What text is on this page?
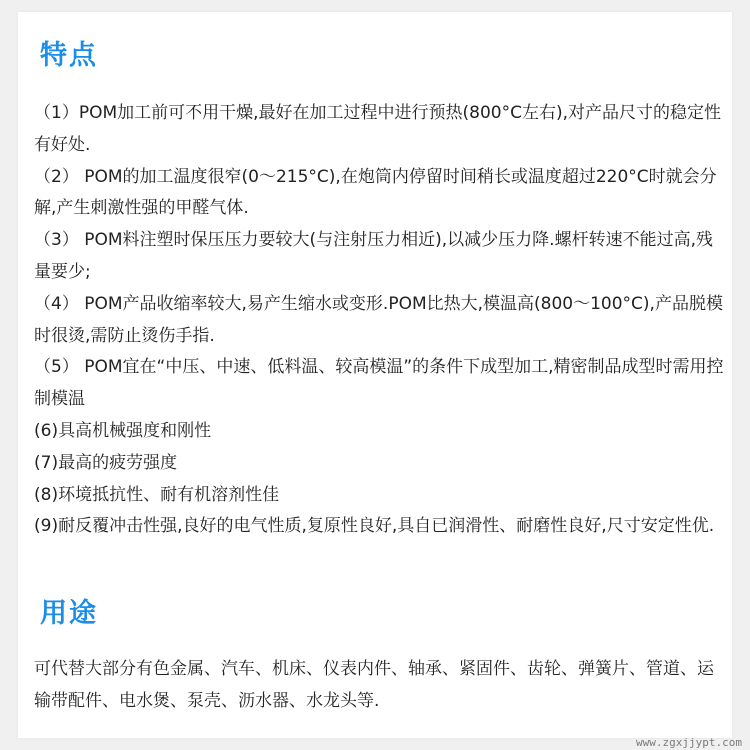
特点

（1）POM加工前可不用干燥,最好在加工过程中进行预热(800°C左右),对产品尺寸的稳定性有好处.

（2） POM的加工温度很窄(0～215°C),在炮筒内停留时间稍长或温度超过220°C时就会分解,产生刺激性强的甲醛气体.

（3） POM料注塑时保压压力要较大(与注射压力相近),以减少压力降.螺杆转速不能过高,残量要少;

（4） POM产品收缩率较大,易产生缩水或变形.POM比热大,模温高(800～100°C),产品脱模时很烫,需防止烫伤手指.

（5） POM宜在“中压、中速、低料温、较高模温”的条件下成型加工,精密制品成型时需用控制模温

(6)具高机械强度和刚性

(7)最高的疲劳强度

(8)环境抵抗性、耐有机溶剂性佳

(9)耐反覆冲击性强,良好的电气性质,复原性良好,具自已润滑性、耐磨性良好,尺寸安定性优.

用途
可代替大部分有色金属、汽车、机床、仪表内件、轴承、紧固件、齿轮、弹簧片、管道、运输带配件、电水煲、泵壳、沥水器、水龙头等.
www.zgxjjypt.com
